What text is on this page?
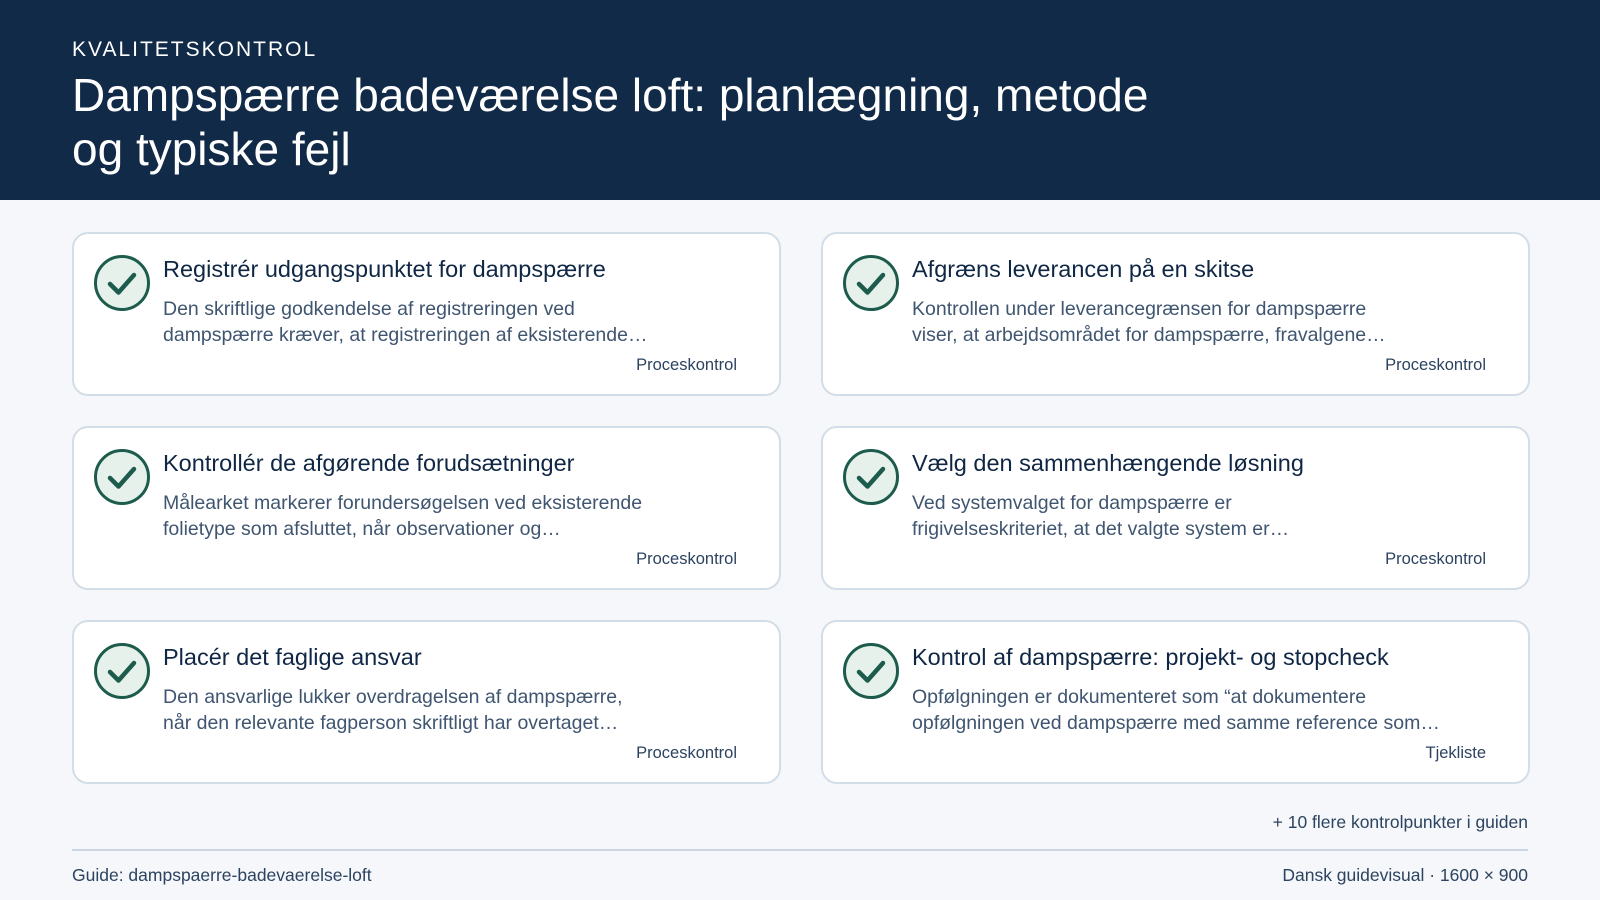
KVALITETSKONTROL
Dampspærre badeværelse loft: planlægning, metode og typiske fejl
Registrér udgangspunktet for dampspærre
Den skriftlige godkendelse af registreringen ved
dampspærre kræver, at registreringen af eksisterende…
Proceskontrol
Afgræns leverancen på en skitse
Kontrollen under leverancegrænsen for dampspærre
viser, at arbejdsområdet for dampspærre, fravalgene…
Proceskontrol
Kontrollér de afgørende forudsætninger
Målearket markerer forundersøgelsen ved eksisterende
folietype som afsluttet, når observationer og…
Proceskontrol
Vælg den sammenhængende løsning
Ved systemvalget for dampspærre er
frigivelseskriteriet, at det valgte system er…
Proceskontrol
Placér det faglige ansvar
Den ansvarlige lukker overdragelsen af dampspærre,
når den relevante fagperson skriftligt har overtaget…
Proceskontrol
Kontrol af dampspærre: projekt- og stopcheck
Opfølgningen er dokumenteret som “at dokumentere
opfølgningen ved dampspærre med samme reference som…
Tjekliste
+ 10 flere kontrolpunkter i guiden
Guide: dampspaerre-badevaerelse-loft	Dansk guidevisual · 1600 × 900
